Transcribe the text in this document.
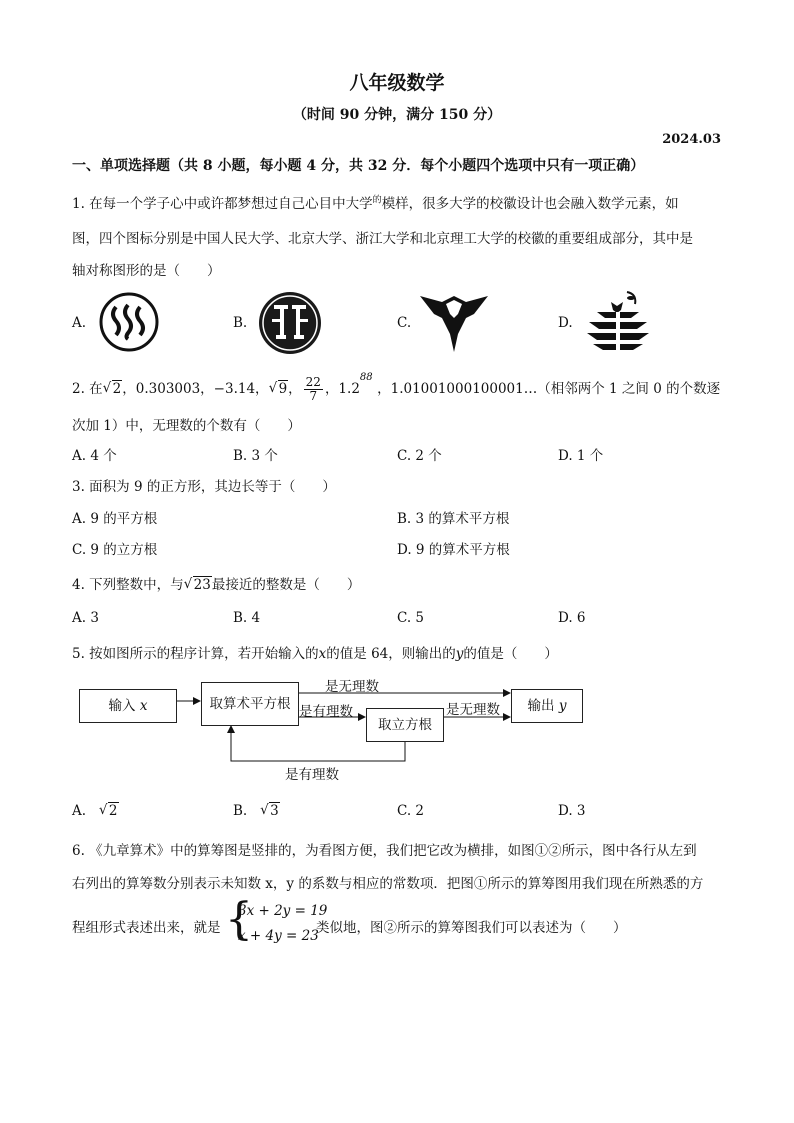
八年级数学
（时间 90 分钟，满分 150 分）
2024.03
一、单项选择题（共 8 小题，每小题 4 分，共 32 分．每个小题四个选项中只有一项正确）
1. 在每一个学子心中或许都梦想过自己心目中大学$^的$模样，很多大学的校徽设计也会融入数学元素，如
图，四个图标分别是中国人民大学、北京大学、浙江大学和北京理工大学的校徽的重要组成部分，其中是
轴对称图形的是（　　）
A.	B.	C.	D.
2. 在 √ 2，0.303003，−3.14， √ 9， $\frac{22}{7}$ ，1.2
88
，1.01001000100001…（相邻两个 1 之间 0 的个数逐
次加 1）中，无理数的个数有（　　）
A. 4 个	B. 3 个	C. 2 个	D. 1 个
3. 面积为 9 的正方形，其边长等于（　　）
A. 9 的平方根	B. 3 的算术平方根
C. 9 的立方根	D. 9 的算术平方根
4. 下列整数中，与 √ 23最接近的整数是（　　）
A. 3	B. 4	C. 5	D. 6
5. 按如图所示的程序计算，若开始输入的x的值是 64，则输出的y的值是（　　）
输入 x	取算术平方根
取立方根
输出 y
是无理数
是有理数	是无理数
是有理数
A. √ 2	B. √ 3	C. 2	D. 3
6. 《九章算术》中的算筹图是竖排的，为看图方便，我们把它改为横排，如图①②所示，图中各行从左到
右列出的算筹数分别表示未知数 x，y 的系数与相应的常数项．把图①所示的算筹图用我们现在所熟悉的方
程组形式表述出来，就是 {
3x + 2y = 19
x + 4y = 23
类似地，图②所示的算筹图我们可以表述为（　　）
